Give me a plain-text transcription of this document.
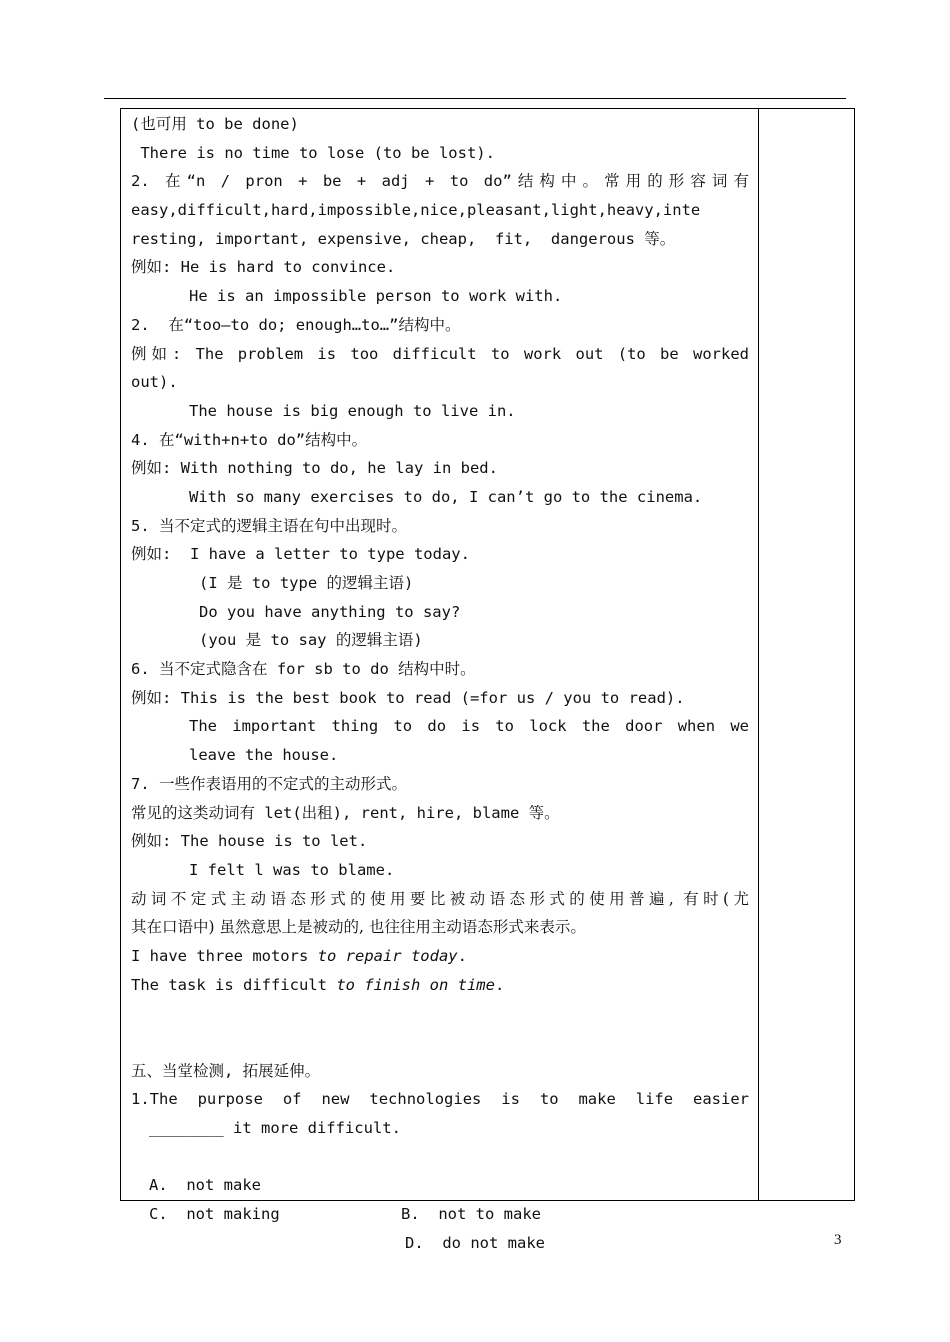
(也可用 to be done)
There is no time to lose (to be lost).
2. 在“n / pron + be + adj + to do”结构中。常用的形容词有
easy,difficult,hard,impossible,nice,pleasant,light,heavy,inte
resting, important, expensive, cheap,  fit,  dangerous 等。
例如: He is hard to convince.
He is an impossible person to work with.
2.  在“too—to do; enough…to…”结构中。
例如: The problem is too difficult to work out (to be worked
out).
The house is big enough to live in.
4. 在“with+n+to do”结构中。
例如: With nothing to do, he lay in bed.
With so many exercises to do, I can’t go to the cinema.
5. 当不定式的逻辑主语在句中出现时。
例如:  I have a letter to type today.
(I 是 to type 的逻辑主语)
Do you have anything to say?
(you 是 to say 的逻辑主语)
6. 当不定式隐含在 for sb to do 结构中时。
例如: This is the best book to read (=for us / you to read).
The important thing to do is to lock the door when we
leave the house.
7. 一些作表语用的不定式的主动形式。
常见的这类动词有 let(出租), rent, hire, blame 等。
例如: The house is to let.
I felt l was to blame.
动词不定式主动语态形式的使用要比被动语态形式的使用普遍, 有时(尤
其在口语中) 虽然意思上是被动的, 也往往用主动语态形式来表示。
I have three motors to repair today.
The task is difficult to finish on time.
五、当堂检测, 拓展延伸。
1.The purpose of new technologies is to make life easier
________ it more difficult.

A.  not make

B.  not to make

C.  not making

D.  do not make

	3
